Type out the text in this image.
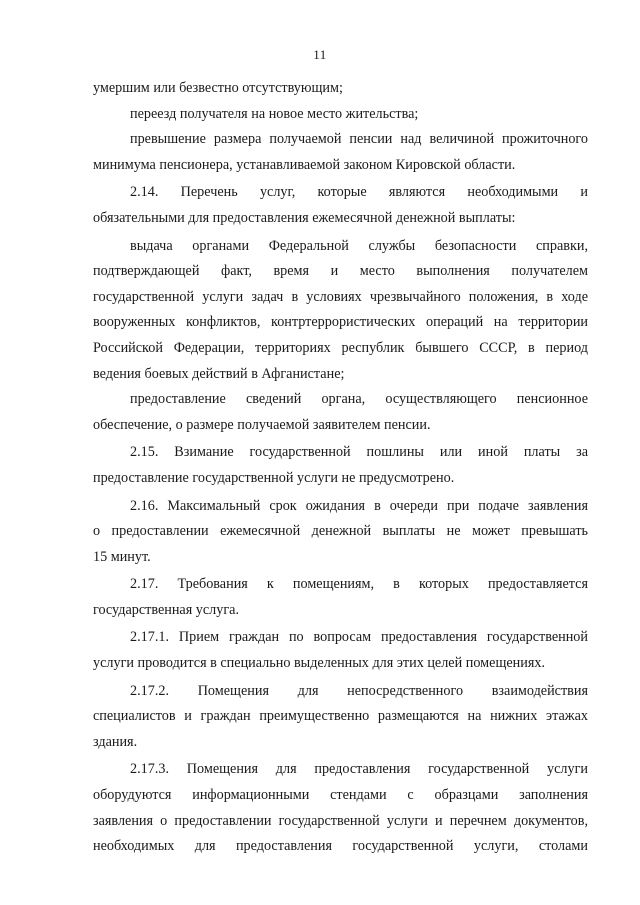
11
умершим или безвестно отсутствующим;
переезд получателя на новое место жительства;
превышение размера получаемой пенсии над величиной прожиточного
минимума пенсионера, устанавливаемой законом Кировской области.
2.14. Перечень услуг, которые являются необходимыми и
обязательными для предоставления ежемесячной денежной выплаты:
выдача органами Федеральной службы безопасности справки,
подтверждающей факт, время и место выполнения получателем
государственной услуги задач в условиях чрезвычайного положения, в ходе
вооруженных конфликтов, контртеррористических операций на территории
Российской Федерации, территориях республик бывшего СССР, в период
ведения боевых действий в Афганистане;
предоставление сведений органа, осуществляющего пенсионное
обеспечение, о размере получаемой заявителем пенсии.
2.15. Взимание государственной пошлины или иной платы за
предоставление государственной услуги не предусмотрено.
2.16. Максимальный срок ожидания в очереди при подаче заявления
о предоставлении ежемесячной денежной выплаты не может превышать
15 минут.
2.17. Требования к помещениям, в которых предоставляется
государственная услуга.
2.17.1. Прием граждан по вопросам предоставления государственной
услуги проводится в специально выделенных для этих целей помещениях.
2.17.2. Помещения для непосредственного взаимодействия
специалистов и граждан преимущественно размещаются на нижних этажах
здания.
2.17.3. Помещения для предоставления государственной услуги
оборудуются информационными стендами с образцами заполнения
заявления о предоставлении государственной услуги и перечнем документов,
необходимых для предоставления государственной услуги, столами
